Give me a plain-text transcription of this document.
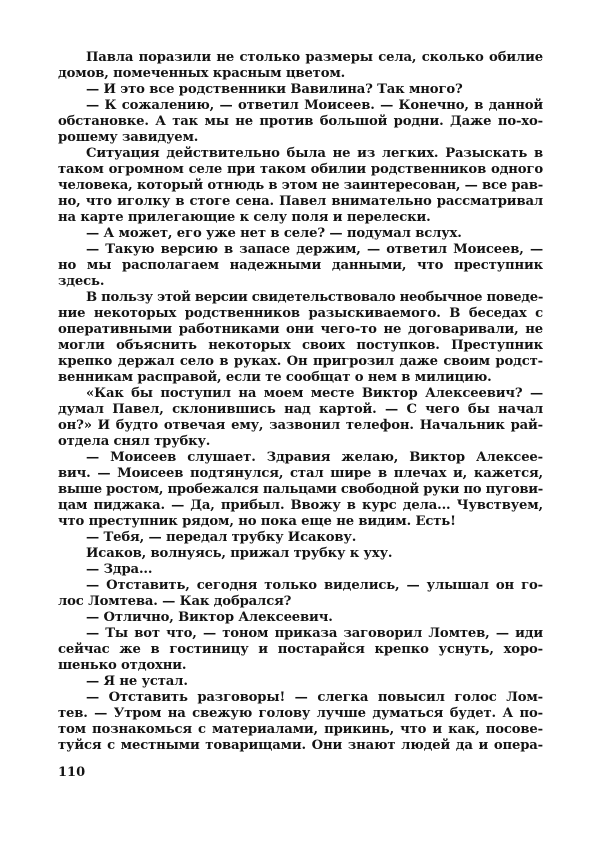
Павла поразили не столько размеры села, сколько обилие
домов, помеченных красным цветом.
— И это все родственники Вавилина? Так много?
— К сожалению, — ответил Моисеев. — Конечно, в данной
обстановке. А так мы не против большой родни. Даже по-хо-
рошему завидуем.
Ситуация действительно была не из легких. Разыскать в
таком огромном селе при таком обилии родственников одного
человека, который отнюдь в этом не заинтересован, — все рав-
но, что иголку в стоге сена. Павел внимательно рассматривал
на карте прилегающие к селу поля и перелески.
— А может, его уже нет в селе? — подумал вслух.
— Такую версию в запасе держим, — ответил Моисеев, —
но мы располагаем надежными данными, что преступник
здесь.
В пользу этой версии свидетельствовало необычное поведе-
ние некоторых родственников разыскиваемого. В беседах с
оперативными работниками они чего-то не договаривали, не
могли объяснить некоторых своих поступков. Преступник
крепко держал село в руках. Он пригрозил даже своим родст-
венникам расправой, если те сообщат о нем в милицию.
«Как бы поступил на моем месте Виктор Алексеевич? —
думал Павел, склонившись над картой. — С чего бы начал
он?» И будто отвечая ему, зазвонил телефон. Начальник рай-
отдела снял трубку.
— Моисеев слушает. Здравия желаю, Виктор Алексее-
вич. — Моисеев подтянулся, стал шире в плечах и, кажется,
выше ростом, пробежался пальцами свободной руки по пугови-
цам пиджака. — Да, прибыл. Ввожу в курс дела... Чувствуем,
что преступник рядом, но пока еще не видим. Есть!
— Тебя, — передал трубку Исакову.
Исаков, волнуясь, прижал трубку к уху.
— Здра...
— Отставить, сегодня только виделись, — улышал он го-
лос Ломтева. — Как добрался?
— Отлично, Виктор Алексеевич.
— Ты вот что, — тоном приказа заговорил Ломтев, — иди
сейчас же в гостиницу и постарайся крепко уснуть, хоро-
шенько отдохни.
— Я не устал.
— Отставить разговоры! — слегка повысил голос Лом-
тев. — Утром на свежую голову лучше думаться будет. А по-
том познакомься с материалами, прикинь, что и как, посове-
туйся с местными товарищами. Они знают людей да и опера-
110
